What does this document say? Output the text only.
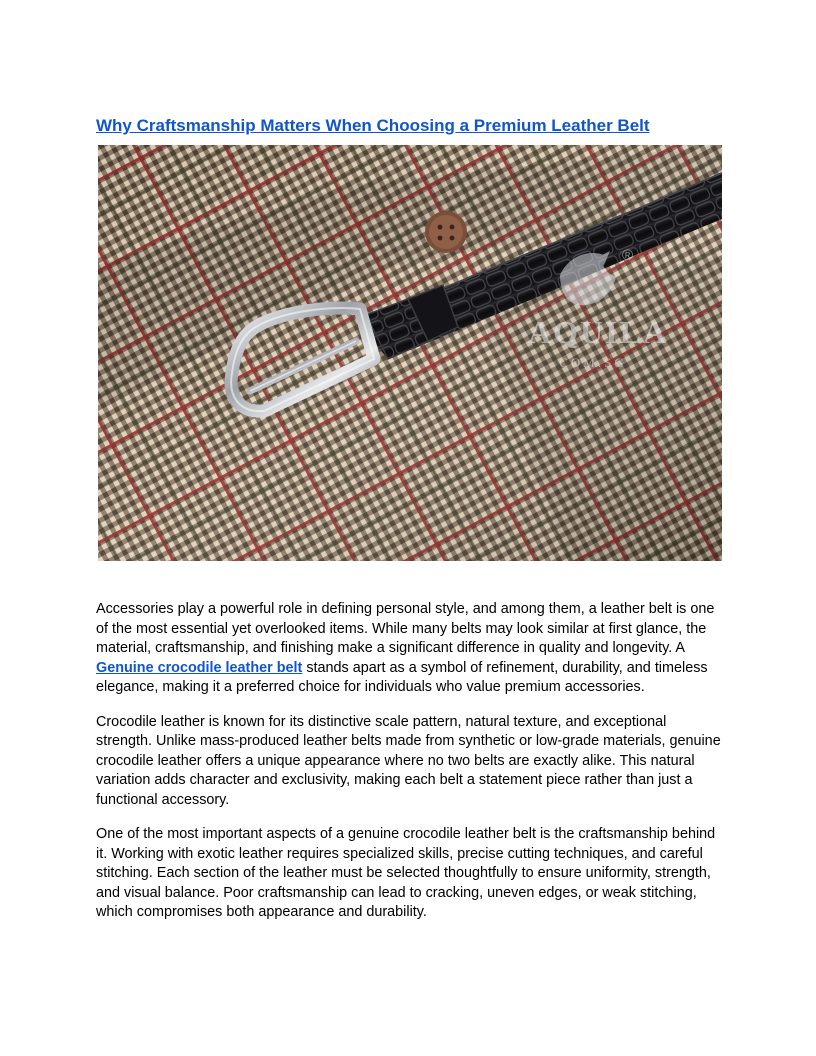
Why Craftsmanship Matters When Choosing a Premium Leather Belt
AQUILA
.COM.SG
®

Accessories play a powerful role in defining personal style, and among them, a leather belt is one of the most essential yet overlooked items. While many belts may look similar at first glance, the material, craftsmanship, and finishing make a significant difference in quality and longevity. A Genuine crocodile leather belt stands apart as a symbol of refinement, durability, and timeless elegance, making it a preferred choice for individuals who value premium accessories.

Crocodile leather is known for its distinctive scale pattern, natural texture, and exceptional strength. Unlike mass-produced leather belts made from synthetic or low-grade materials, genuine crocodile leather offers a unique appearance where no two belts are exactly alike. This natural variation adds character and exclusivity, making each belt a statement piece rather than just a functional accessory.

One of the most important aspects of a genuine crocodile leather belt is the craftsmanship behind it. Working with exotic leather requires specialized skills, precise cutting techniques, and careful stitching. Each section of the leather must be selected thoughtfully to ensure uniformity, strength, and visual balance. Poor craftsmanship can lead to cracking, uneven edges, or weak stitching, which compromises both appearance and durability.
